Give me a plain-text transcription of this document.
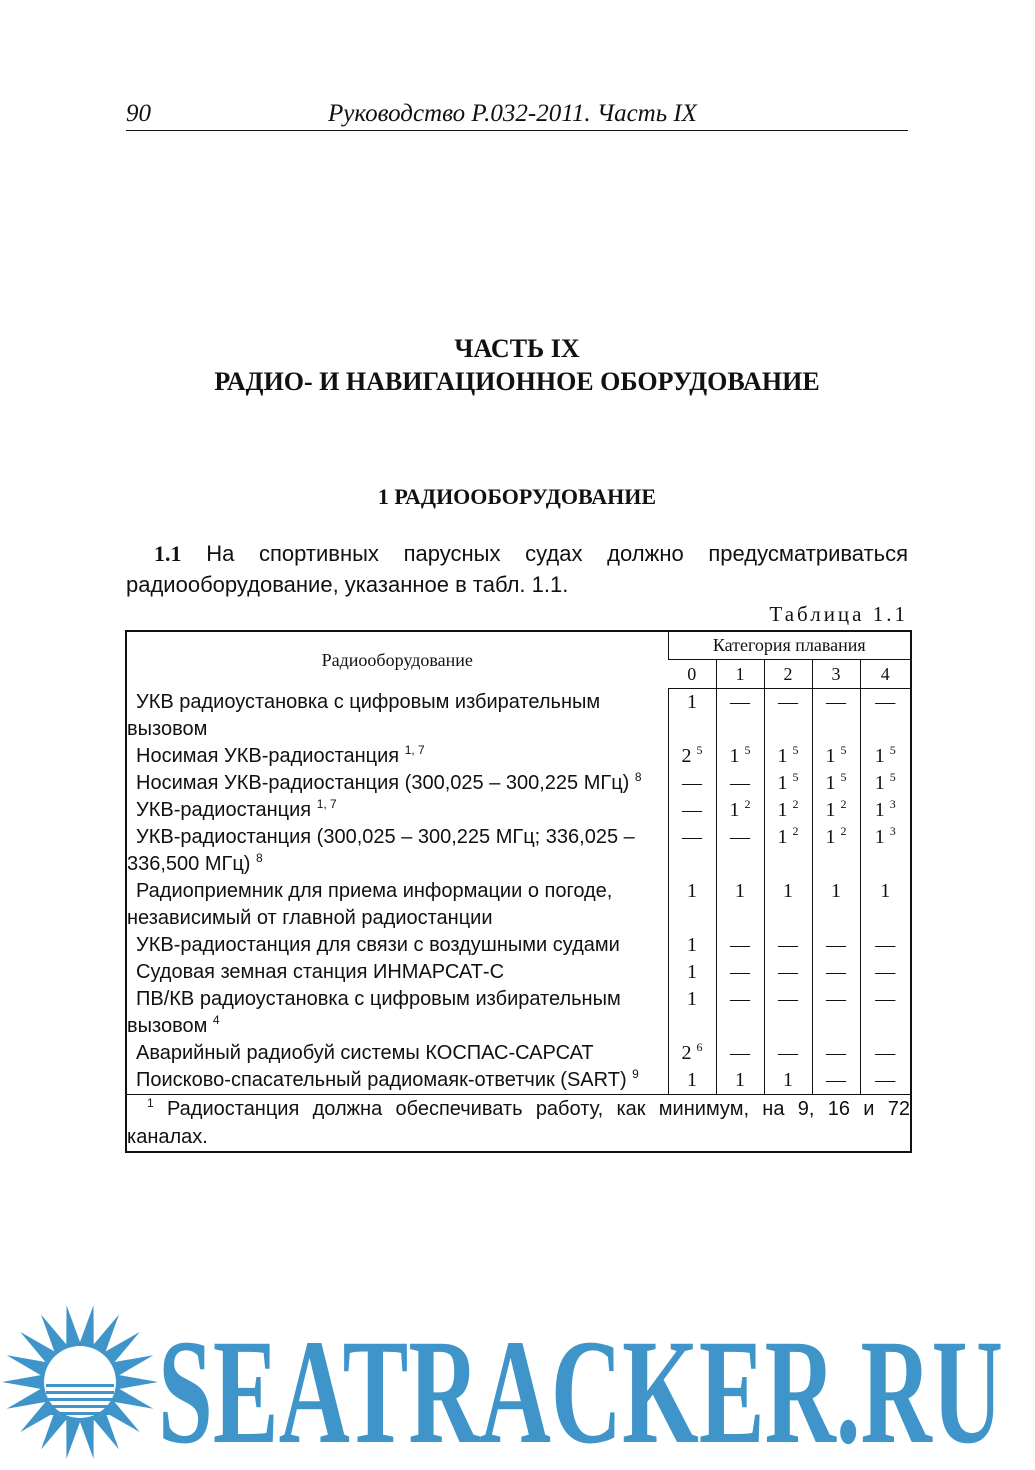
90	Руководство Р.032-2011. Часть IX
ЧАСТЬ IX
РАДИО- И НАВИГАЦИОННОЕ ОБОРУДОВАНИЕ
1 РАДИООБОРУДОВАНИЕ

1.1 На спортивных парусных судах должно предусматриваться радиооборудование, указанное в табл. 1.1.

Таблица 1.1
Радиооборудование	Категория плавания				
	0	1	2	3	4
УКВ радиоустановка с цифровым избирательным вызовом	1	—	—	—	—
Носимая УКВ-радиостанция $^{1, 7}$	2 $^5$	1 $^5$	1 $^5$	1 $^5$	1 $^5$
Носимая УКВ-радиостанция (300,025 – 300,225 МГц) $^8$	—	—	1 $^5$	1 $^5$	1 $^5$
УКВ-радиостанция $^{1, 7}$	—	1 $^2$	1 $^2$	1 $^2$	1 $^3$
УКВ-радиостанция (300,025 – 300,225 МГц; 336,025 – 336,500 МГц) $^8$	—	—	1 $^2$	1 $^2$	1 $^3$
Радиоприемник для приема информации о погоде, независимый от главной радиостанции	1	1	1	1	1
УКВ-радиостанция для связи с воздушными судами	1	—	—	—	—
Судовая земная станция ИНМАРСАТ-С	1	—	—	—	—
ПВ/КВ радиоустановка с цифровым избирательным вызовом $^4$	1	—	—	—	—
Аварийный радиобуй системы КОСПАС-САРСАТ	2 $^6$	—	—	—	—
Поисково-спасательный радиомаяк-ответчик (SART) $^9$	1	1	1	—	—
$^1$ Радиостанция должна обеспечивать работу, как минимум, на 9, 16 и 72 каналах.					
SEATRACKER.RU
